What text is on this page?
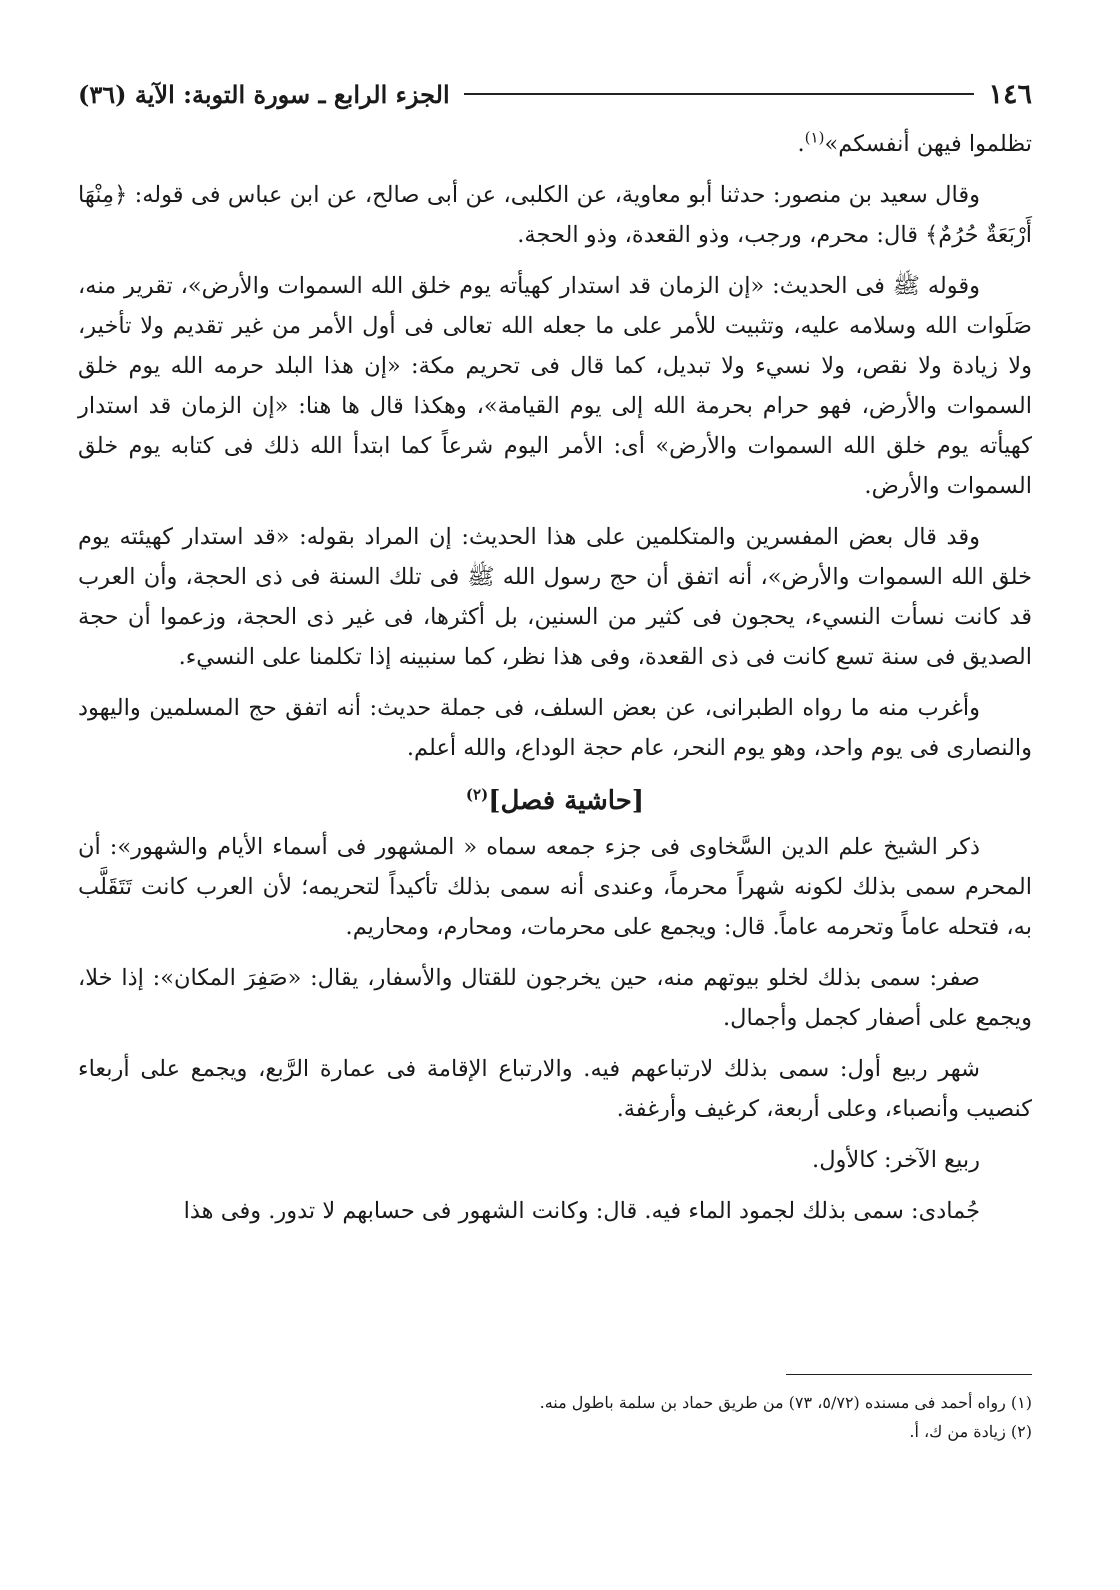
١٤٦
الجزء الرابع ـ سورة التوبة: الآية (٣٦)

تظلموا فيهن أنفسكم»$^{(١)}$.

وقال سعيد بن منصور: حدثنا أبو معاوية، عن الكلبى، عن أبى صالح، عن ابن عباس فى قوله: ﴿مِنْهَا أَرْبَعَةٌ حُرُمٌ﴾ قال: محرم، ورجب، وذو القعدة، وذو الحجة.

وقوله ﷺ فى الحديث: «إن الزمان قد استدار كهيأته يوم خلق الله السموات والأرض»، تقرير منه، صَلَوات الله وسلامه عليه، وتثبيت للأمر على ما جعله الله تعالى فى أول الأمر من غير تقديم ولا تأخير، ولا زيادة ولا نقص، ولا نسيء ولا تبديل، كما قال فى تحريم مكة: «إن هذا البلد حرمه الله يوم خلق السموات والأرض، فهو حرام بحرمة الله إلى يوم القيامة»، وهكذا قال ها هنا: «إن الزمان قد استدار كهيأته يوم خلق الله السموات والأرض» أى: الأمر اليوم شرعاً كما ابتدأ الله ذلك فى كتابه يوم خلق السموات والأرض.

وقد قال بعض المفسرين والمتكلمين على هذا الحديث: إن المراد بقوله: «قد استدار كهيئته يوم خلق الله السموات والأرض»، أنه اتفق أن حج رسول الله ﷺ فى تلك السنة فى ذى الحجة، وأن العرب قد كانت نسأت النسيء، يحجون فى كثير من السنين، بل أكثرها، فى غير ذى الحجة، وزعموا أن حجة الصديق فى سنة تسع كانت فى ذى القعدة، وفى هذا نظر، كما سنبينه إذا تكلمنا على النسيء.

وأغرب منه ما رواه الطبرانى، عن بعض السلف، فى جملة حديث: أنه اتفق حج المسلمين واليهود والنصارى فى يوم واحد، وهو يوم النحر، عام حجة الوداع، والله أعلم.

[حاشية فصل]$^{(٢)}$

ذكر الشيخ علم الدين السَّخاوى فى جزء جمعه سماه « المشهور فى أسماء الأيام والشهور»: أن المحرم سمى بذلك لكونه شهراً محرماً، وعندى أنه سمى بذلك تأكيداً لتحريمه؛ لأن العرب كانت تَتَقَلَّب به، فتحله عاماً وتحرمه عاماً. قال: ويجمع على محرمات، ومحارم، ومحاريم.

صفر: سمى بذلك لخلو بيوتهم منه، حين يخرجون للقتال والأسفار، يقال: «صَفِرَ المكان»: إذا خلا، ويجمع على أصفار كجمل وأجمال.

شهر ربيع أول: سمى بذلك لارتباعهم فيه. والارتباع الإقامة فى عمارة الرَّبع، ويجمع على أربعاء كنصيب وأنصباء، وعلى أربعة، كرغيف وأرغفة.

ربيع الآخر: كالأول.

جُمادى: سمى بذلك لجمود الماء فيه. قال: وكانت الشهور فى حسابهم لا تدور. وفى هذا

(١) رواه أحمد فى مسنده (٥/٧٢، ٧٣) من طريق حماد بن سلمة باطول منه.

(٢) زيادة من ك، أ.
